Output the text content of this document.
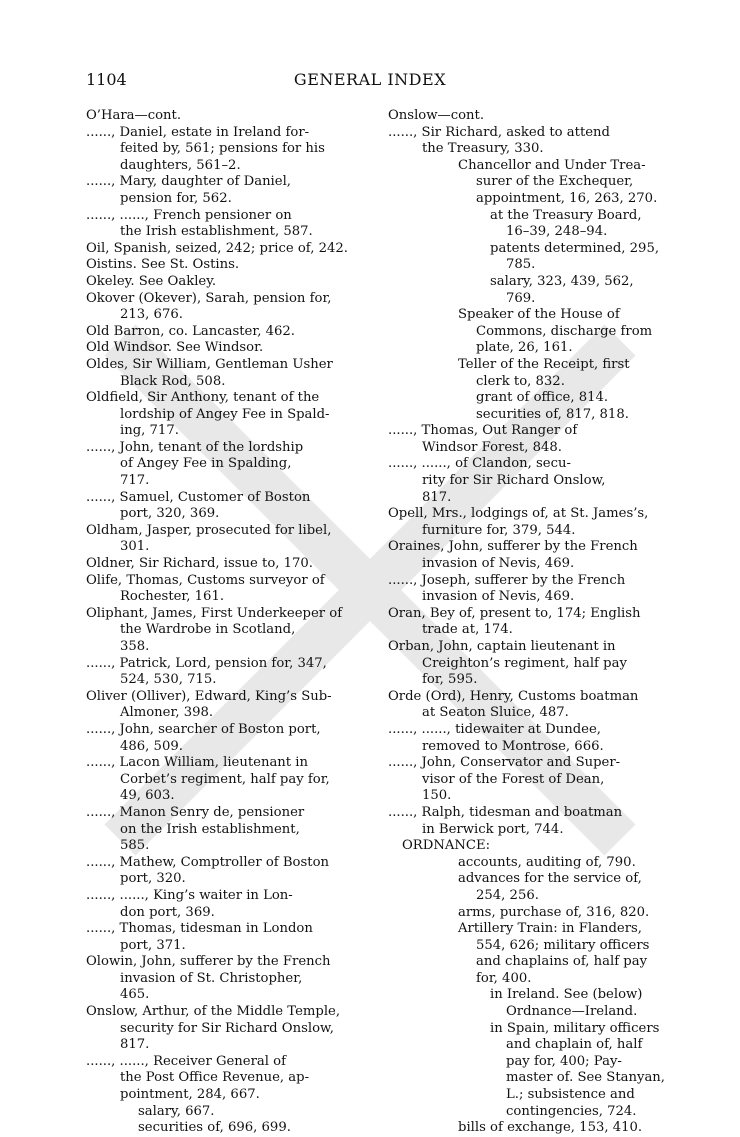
1104	GENERAL INDEX
O’Hara—cont.
......, Daniel, estate in Ireland for-
feited by, 561; pensions for his
daughters, 561–2.
......, Mary, daughter of Daniel,
pension for, 562.
......, ......, French pensioner on
the Irish establishment, 587.
Oil, Spanish, seized, 242; price of, 242.
Oistins. See St. Ostins.
Okeley. See Oakley.
Okover (Okever), Sarah, pension for,
213, 676.
Old Barron, co. Lancaster, 462.
Old Windsor. See Windsor.
Oldes, Sir William, Gentleman Usher
Black Rod, 508.
Oldfield, Sir Anthony, tenant of the
lordship of Angey Fee in Spald-
ing, 717.
......, John, tenant of the lordship
of Angey Fee in Spalding,
717.
......, Samuel, Customer of Boston
port, 320, 369.
Oldham, Jasper, prosecuted for libel,
301.
Oldner, Sir Richard, issue to, 170.
Olife, Thomas, Customs surveyor of
Rochester, 161.
Oliphant, James, First Underkeeper of
the Wardrobe in Scotland,
358.
......, Patrick, Lord, pension for, 347,
524, 530, 715.
Oliver (Olliver), Edward, King’s Sub-
Almoner, 398.
......, John, searcher of Boston port,
486, 509.
......, Lacon William, lieutenant in
Corbet’s regiment, half pay for,
49, 603.
......, Manon Senry de, pensioner
on the Irish establishment,
585.
......, Mathew, Comptroller of Boston
port, 320.
......, ......, King’s waiter in Lon-
don port, 369.
......, Thomas, tidesman in London
port, 371.
Olowin, John, sufferer by the French
invasion of St. Christopher,
465.
Onslow, Arthur, of the Middle Temple,
security for Sir Richard Onslow,
817.
......, ......, Receiver General of
the Post Office Revenue, ap-
pointment, 284, 667.
salary, 667.
securities of, 696, 699.
Onslow—cont.
......, Sir Richard, asked to attend
the Treasury, 330.
Chancellor and Under Trea-
surer of the Exchequer,
appointment, 16, 263, 270.
at the Treasury Board,
16–39, 248–94.
patents determined, 295,
785.
salary, 323, 439, 562,
769.
Speaker of the House of
Commons, discharge from
plate, 26, 161.
Teller of the Receipt, first
clerk to, 832.
grant of office, 814.
securities of, 817, 818.
......, Thomas, Out Ranger of
Windsor Forest, 848.
......, ......, of Clandon, secu-
rity for Sir Richard Onslow,
817.
Opell, Mrs., lodgings of, at St. James’s,
furniture for, 379, 544.
Oraines, John, sufferer by the French
invasion of Nevis, 469.
......, Joseph, sufferer by the French
invasion of Nevis, 469.
Oran, Bey of, present to, 174; English
trade at, 174.
Orban, John, captain lieutenant in
Creighton’s regiment, half pay
for, 595.
Orde (Ord), Henry, Customs boatman
at Seaton Sluice, 487.
......, ......, tidewaiter at Dundee,
removed to Montrose, 666.
......, John, Conservator and Super-
visor of the Forest of Dean,
150.
......, Ralph, tidesman and boatman
in Berwick port, 744.
ORDNANCE:
accounts, auditing of, 790.
advances for the service of,
254, 256.
arms, purchase of, 316, 820.
Artillery Train: in Flanders,
554, 626; military officers
and chaplains of, half pay
for, 400.
in Ireland. See (below)
Ordnance—Ireland.
in Spain, military officers
and chaplain of, half
pay for, 400; Pay-
master of. See Stanyan,
L.; subsistence and
contingencies, 724.
bills of exchange, 153, 410.
